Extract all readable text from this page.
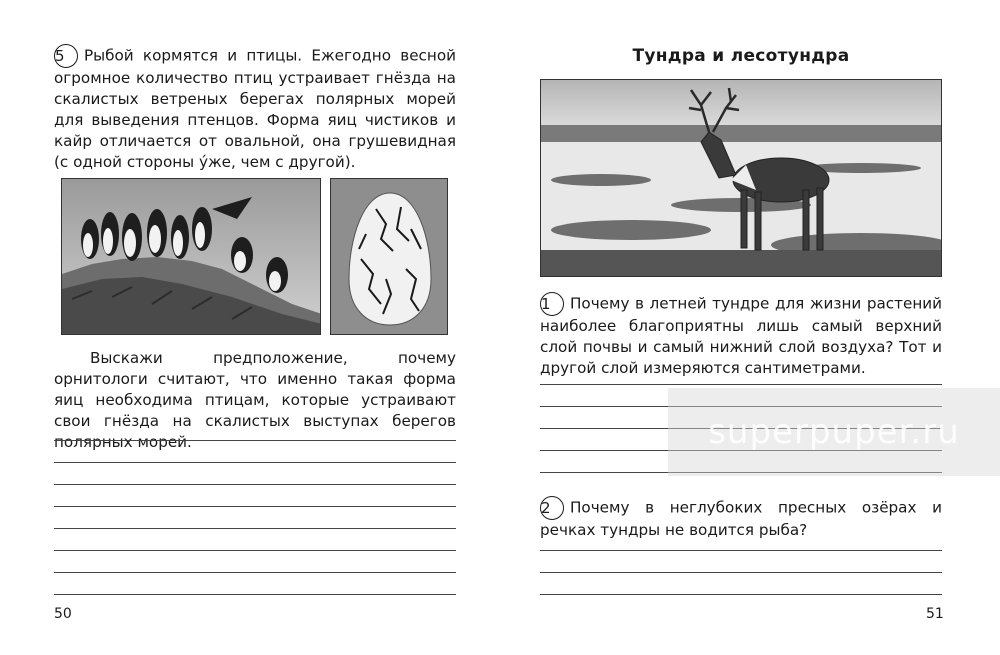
5 Рыбой кормятся и птицы. Ежегодно весной огромное количество птиц устраивает гнёзда на скалистых ветреных берегах полярных морей для выведения птенцов. Форма яиц чистиков и кайр отличается от овальной, она грушевидная (с одной стороны у́же, чем с другой).

Выскажи предположение, почему орнитологи считают, что именно такая форма яиц необходима птицам, которые устраивают свои гнёзда на скалистых выступах берегов полярных морей.

50
Тундра и лесотундра

1 Почему в летней тундре для жизни растений наиболее благоприятны лишь самый верхний слой почвы и самый нижний слой воздуха? Тот и другой слой измеряются сантиметрами.

superpuper.ru

2 Почему в неглубоких пресных озёрах и речках тундры не водится рыба?

51
